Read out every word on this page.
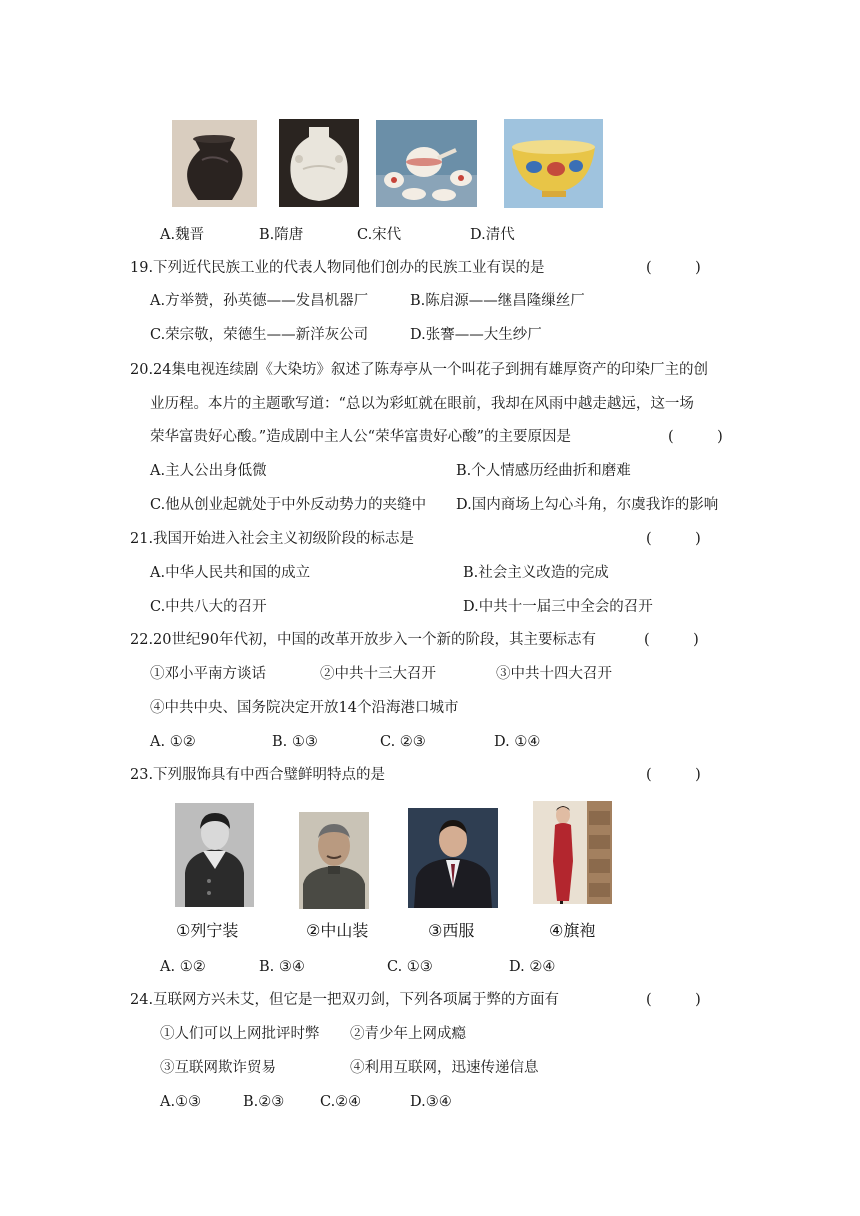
A.魏晋	B.隋唐	C.宋代	D.清代
19.下列近代民族工业的代表人物同他们创办的民族工业有误的是	(　　　)
A.方举赞，孙英德——发昌机器厂	B.陈启源——继昌隆缫丝厂
C.荣宗敬，荣德生——新洋灰公司	D.张謇——大生纱厂
20.24集电视连续剧《大染坊》叙述了陈寿亭从一个叫花子到拥有雄厚资产的印染厂主的创
业历程。本片的主题歌写道：“总以为彩虹就在眼前，我却在风雨中越走越远，这一场
荣华富贵好心酸。”造成剧中主人公“荣华富贵好心酸”的主要原因是	(　　　)
A.主人公出身低微	B.个人情感历经曲折和磨难
C.他从创业起就处于中外反动势力的夹缝中 D.国内商场上勾心斗角，尔虞我诈的影响
21.我国开始进入社会主义初级阶段的标志是	(　　　)
A.中华人民共和国的成立	B.社会主义改造的完成
C.中共八大的召开	D.中共十一届三中全会的召开
22.20世纪90年代初，中国的改革开放步入一个新的阶段，其主要标志有	(　　　)
①邓小平南方谈话	②中共十三大召开	③中共十四大召开
④中共中央、国务院决定开放14个沿海港口城市
A. ①②	B. ①③	C. ②③	D. ①④
23.下列服饰具有中西合璧鲜明特点的是	(　　　)
①列宁装	②中山装	③西服	④旗袍
A. ①②	B. ③④	C. ①③	D. ②④
24.互联网方兴未艾，但它是一把双刃剑，下列各项属于弊的方面有	(　　　)
①人们可以上网批评时弊 ②青少年上网成瘾
③互联网欺诈贸易	④利用互联网，迅速传递信息
A.①③	B.②③ C.②④	D.③④
